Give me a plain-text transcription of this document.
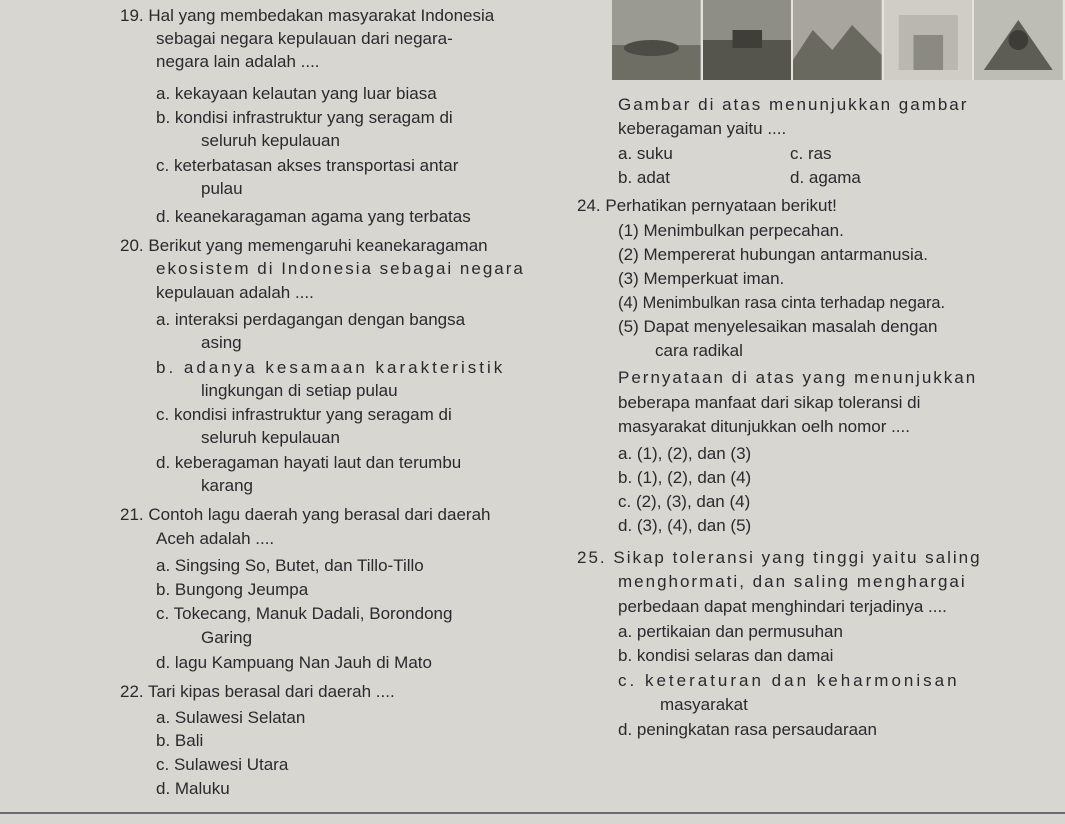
19. Hal yang membedakan masyarakat Indonesia
sebagai negara kepulauan dari negara-
negara lain adalah ....
a. kekayaan kelautan yang luar biasa
b. kondisi infrastruktur yang seragam di
seluruh kepulauan
c. keterbatasan akses transportasi antar
pulau
d. keanekaragaman agama yang terbatas
20. Berikut yang memengaruhi keanekaragaman
ekosistem di Indonesia sebagai negara
kepulauan adalah ....
a. interaksi perdagangan dengan bangsa
asing
b. adanya kesamaan karakteristik
lingkungan di setiap pulau
c. kondisi infrastruktur yang seragam di
seluruh kepulauan
d. keberagaman hayati laut dan terumbu
karang
21. Contoh lagu daerah yang berasal dari daerah
Aceh adalah ....
a. Singsing So, Butet, dan Tillo-Tillo
b. Bungong Jeumpa
c. Tokecang, Manuk Dadali, Borondong
Garing
d. lagu Kampuang Nan Jauh di Mato
22. Tari kipas berasal dari daerah ....
a. Sulawesi Selatan
b. Bali
c. Sulawesi Utara
d. Maluku
Gambar di atas menunjukkan gambar
keberagaman yaitu ....
a. suku	c. ras
b. adat	d. agama
24. Perhatikan pernyataan berikut!
(1) Menimbulkan perpecahan.
(2) Mempererat hubungan antarmanusia.
(3) Memperkuat iman.
(4) Menimbulkan rasa cinta terhadap negara.
(5) Dapat menyelesaikan masalah dengan
cara radikal
Pernyataan di atas yang menunjukkan
beberapa manfaat dari sikap toleransi di
masyarakat ditunjukkan oelh nomor ....
a. (1), (2), dan (3)
b. (1), (2), dan (4)
c. (2), (3), dan (4)
d. (3), (4), dan (5)
25. Sikap toleransi yang tinggi yaitu saling
menghormati, dan saling menghargai
perbedaan dapat menghindari terjadinya ....
a. pertikaian dan permusuhan
b. kondisi selaras dan damai
c. keteraturan dan keharmonisan
masyarakat
d. peningkatan rasa persaudaraan
